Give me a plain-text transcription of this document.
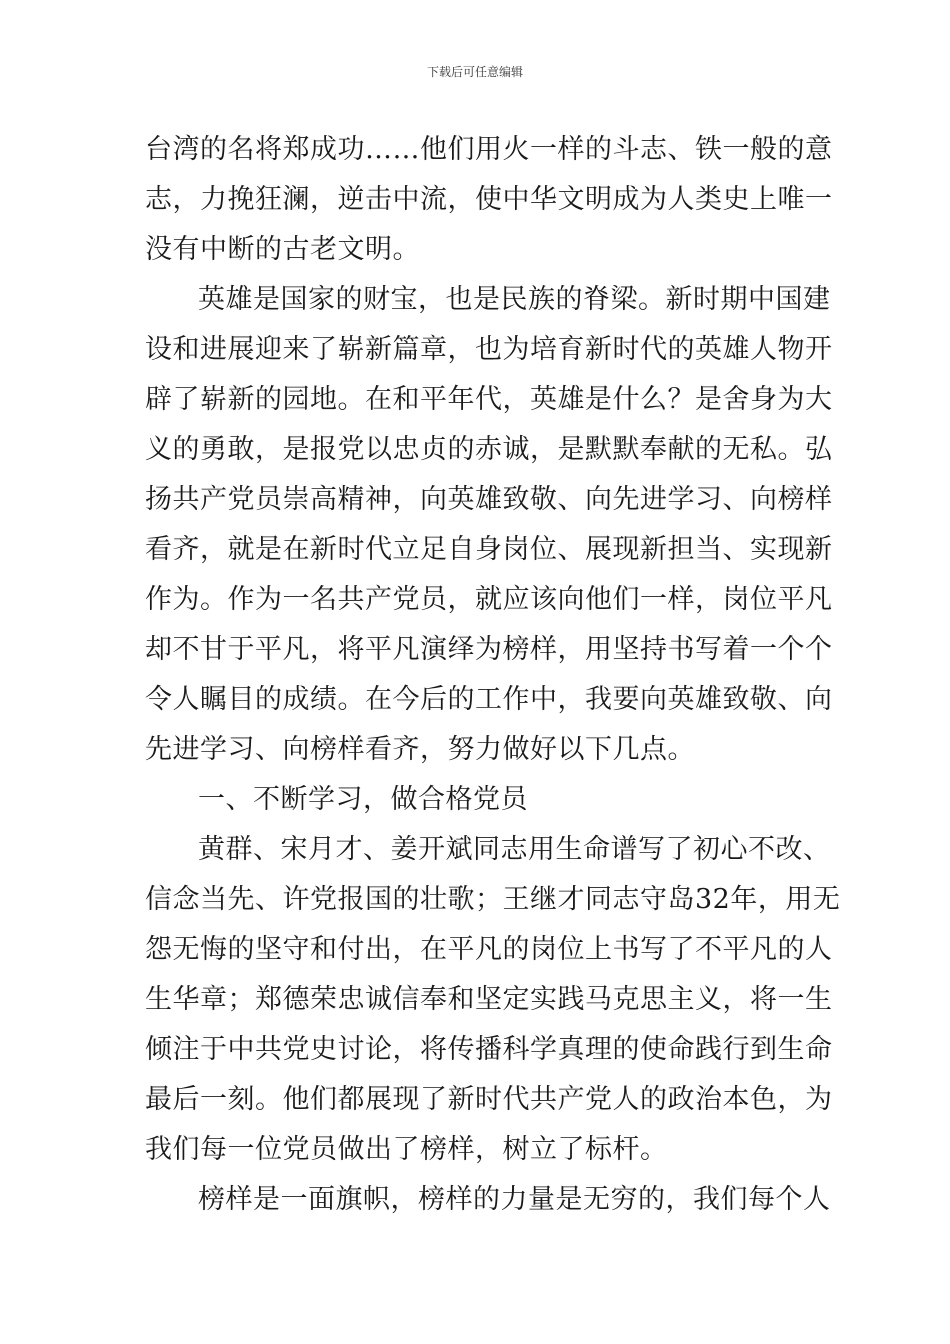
下载后可任意编辑
台湾的名将郑成功……他们用火一样的斗志、铁一般的意
志，力挽狂澜，逆击中流，使中华文明成为人类史上唯一
没有中断的古老文明。
英雄是国家的财宝，也是民族的脊梁。新时期中国建
设和进展迎来了崭新篇章，也为培育新时代的英雄人物开
辟了崭新的园地。在和平年代，英雄是什么？是舍身为大
义的勇敢，是报党以忠贞的赤诚，是默默奉献的无私。弘
扬共产党员崇高精神，向英雄致敬、向先进学习、向榜样
看齐，就是在新时代立足自身岗位、展现新担当、实现新
作为。作为一名共产党员，就应该向他们一样，岗位平凡
却不甘于平凡，将平凡演绎为榜样，用坚持书写着一个个
令人瞩目的成绩。在今后的工作中，我要向英雄致敬、向
先进学习、向榜样看齐，努力做好以下几点。
一、不断学习，做合格党员
黄群、宋月才、姜开斌同志用生命谱写了初心不改、
信念当先、许党报国的壮歌；王继才同志守岛32年，用无
怨无悔的坚守和付出，在平凡的岗位上书写了不平凡的人
生华章；郑德荣忠诚信奉和坚定实践马克思主义，将一生
倾注于中共党史讨论，将传播科学真理的使命践行到生命
最后一刻。他们都展现了新时代共产党人的政治本色，为
我们每一位党员做出了榜样，树立了标杆。
榜样是一面旗帜，榜样的力量是无穷的，我们每个人
